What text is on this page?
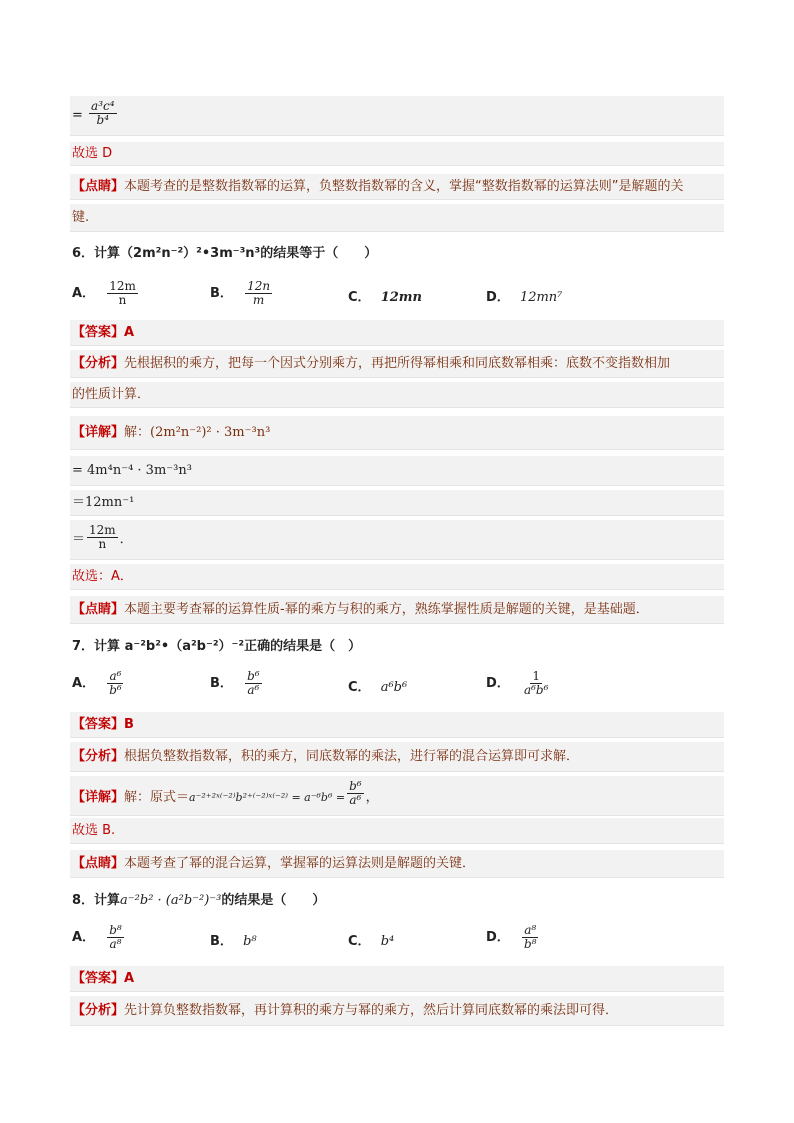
= $\frac{\text{a³c⁴}}{\text{b⁴}}$
故选 D
【点睛】本题考查的是整数指数幂的运算，负整数指数幂的含义，掌握“整数指数幂的运算法则”是解题的关
键.
6．计算（2m²n⁻²）²•3m⁻³n³的结果等于（　　）
A． $\frac{12m}{n}$	B． $\frac{12n}{m}$	C． 12mn	D． 12mn⁷
【答案】A
【分析】先根据积的乘方，把每一个因式分别乘方，再把所得幂相乘和同底数幂相乘：底数不变指数相加
的性质计算．
【详解】解：(2m²n⁻²)² · 3m⁻³n³
= 4m⁴n⁻⁴ · 3m⁻³n³
＝12mn⁻¹
＝ $\frac{12m}{n}$ ．
故选：A．
【点睛】本题主要考查幂的运算性质-幂的乘方与积的乘方，熟练掌握性质是解题的关键，是基础题．
7．计算 a⁻²b²•（a²b⁻²）⁻²正确的结果是（　）
A． $\frac{\text{a⁶}}{\text{b⁶}}$	B． $\frac{\text{b⁶}}{\text{a⁶}}$	C． a⁶b⁶	D． $\frac{1}{\text{a⁶b⁶}}$
【答案】B
【分析】根据负整数指数幂，积的乘方，同底数幂的乘法，进行幂的混合运算即可求解．
【详解】解：原式＝a⁻²⁺²ˣ⁽⁻²⁾b²⁺⁽⁻²⁾ˣ⁽⁻²⁾ = $a^{-6}b^6 = \frac{\text{b⁶}}{\text{a⁶}}$ ，
故选 B.
【点睛】本题考查了幂的混合运算，掌握幂的运算法则是解题的关键．
8．计算a⁻²b² · (a²b⁻²)⁻³的结果是（　　）
A． $\frac{\text{b⁸}}{\text{a⁸}}$	B． b⁸	C． b⁴	D． $\frac{\text{a⁸}}{\text{b⁸}}$
【答案】A
【分析】先计算负整数指数幂，再计算积的乘方与幂的乘方，然后计算同底数幂的乘法即可得．
